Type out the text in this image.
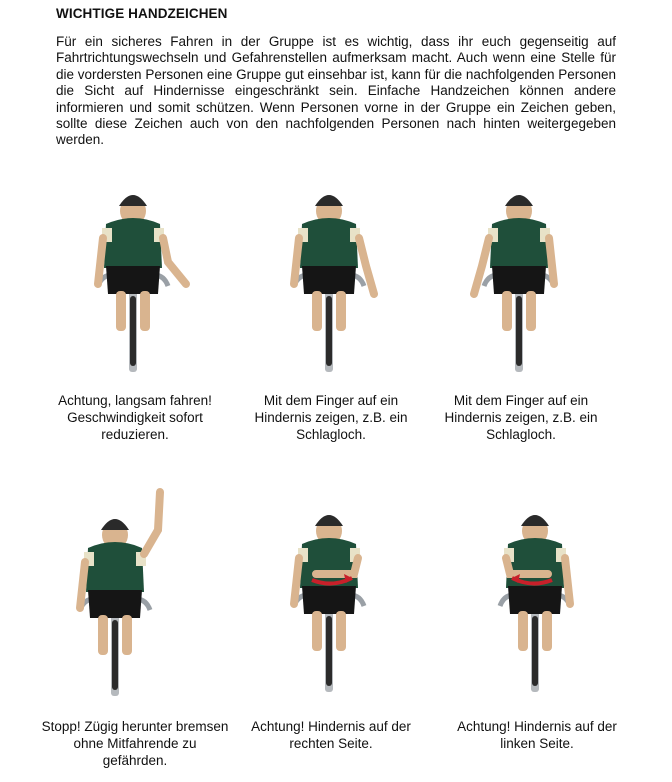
WICHTIGE HANDZEICHEN

Für ein sicheres Fahren in der Gruppe ist es wichtig, dass ihr euch gegenseitig auf Fahrtrichtungswechseln und Gefahrenstellen aufmerksam macht. Auch wenn eine Stelle für die vordersten Personen eine Gruppe gut einsehbar ist, kann für die nachfolgenden Personen die Sicht auf Hindernisse eingeschränkt sein. Einfache Handzeichen können andere informieren und somit schützen. Wenn Personen vorne in der Gruppe ein Zeichen geben, sollte diese Zeichen auch von den nachfolgenden Personen nach hinten weitergegeben werden.

Achtung, langsam fahren! Geschwindigkeit sofort reduzieren.
Mit dem Finger auf ein Hindernis zeigen, z.B. ein Schlagloch.
Mit dem Finger auf ein Hindernis zeigen, z.B. ein Schlagloch.
Stopp! Zügig herunter bremsen ohne Mitfahrende zu gefährden.
Achtung! Hindernis auf der rechten Seite.
Achtung! Hindernis auf der linken Seite.
